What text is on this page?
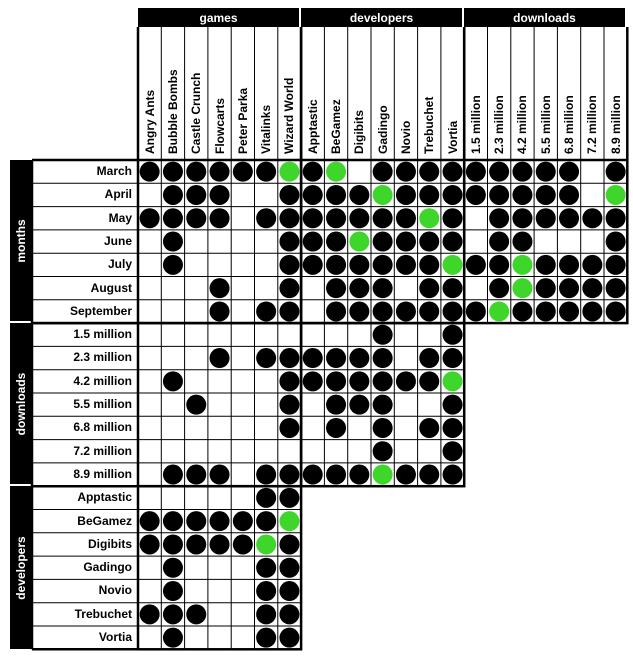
games	developers	downloads
months
downloads
developers
Angry Ants Bubble Bombs Castle Crunch Flowcarts Peter Parka Vitalinks Wizard World Apptastic BeGamez Digibits Gadingo Novio Trebuchet Vortia 1.5 million 2.3 million 4.2 million 5.5 million 6.8 million 7.2 million 8.9 million
March
April
May
June
July
August
September
1.5 million
2.3 million
4.2 million
5.5 million
6.8 million
7.2 million
8.9 million
Apptastic
BeGamez
Digibits
Gadingo
Novio
Trebuchet
Vortia
